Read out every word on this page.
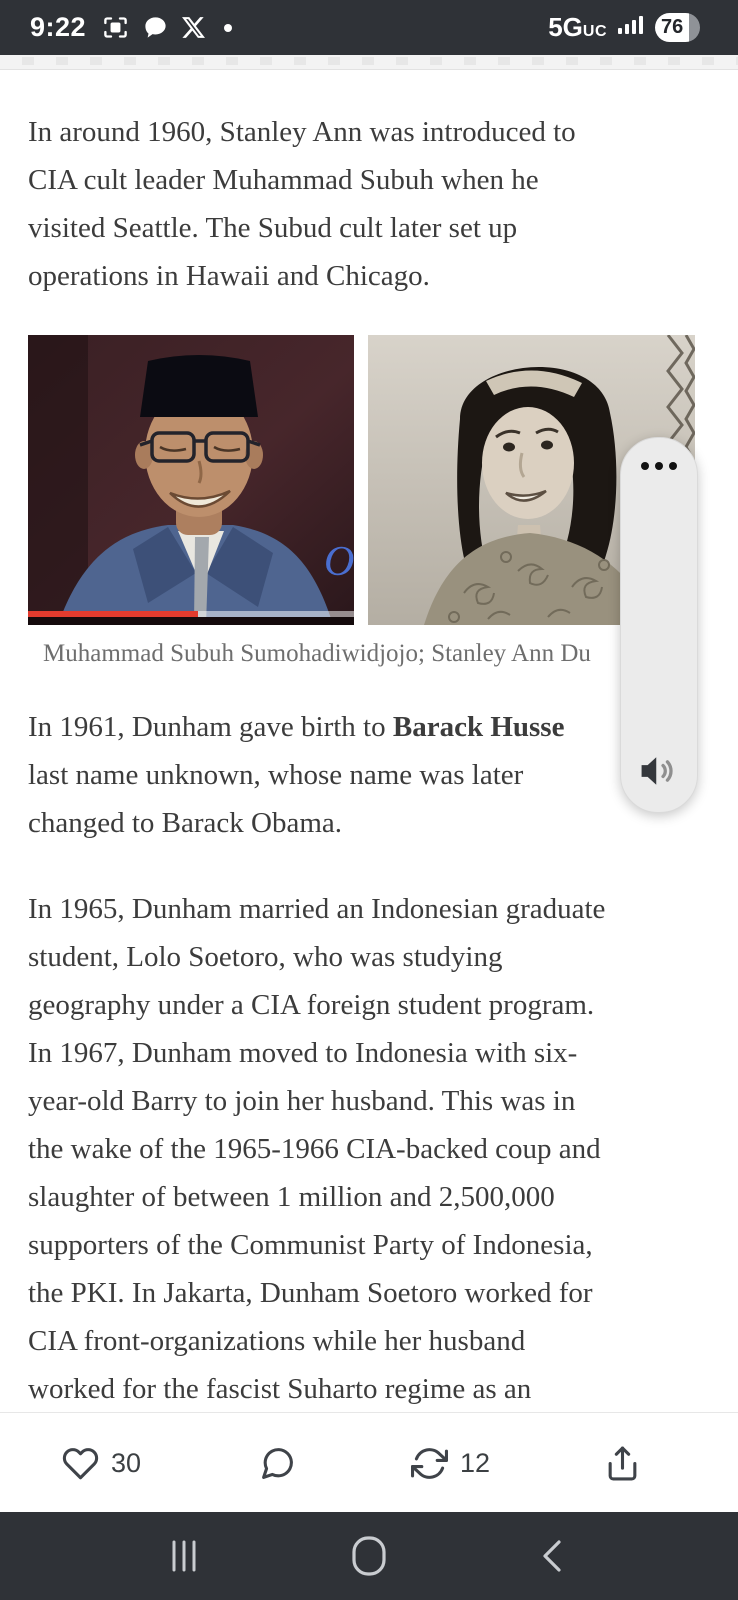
9:22	5GUC	76
In around 1960, Stanley Ann was introduced to
CIA cult leader Muhammad Subuh when he
visited Seattle. The Subud cult later set up
operations in Hawaii and Chicago.
O
Muhammad Subuh Sumohadiwidjojo; Stanley Ann Du
In 1961, Dunham gave birth to Barack Husse
last name unknown, whose name was later
changed to Barack Obama.
In 1965, Dunham married an Indonesian graduate
student, Lolo Soetoro, who was studying
geography under a CIA foreign student program.
In 1967, Dunham moved to Indonesia with six-
year-old Barry to join her husband. This was in
the wake of the 1965-1966 CIA-backed coup and
slaughter of between 1 million and 2,500,000
supporters of the Communist Party of Indonesia,
the PKI. In Jakarta, Dunham Soetoro worked for
CIA front-organizations while her husband
worked for the fascist Suharto regime as an
30	12
